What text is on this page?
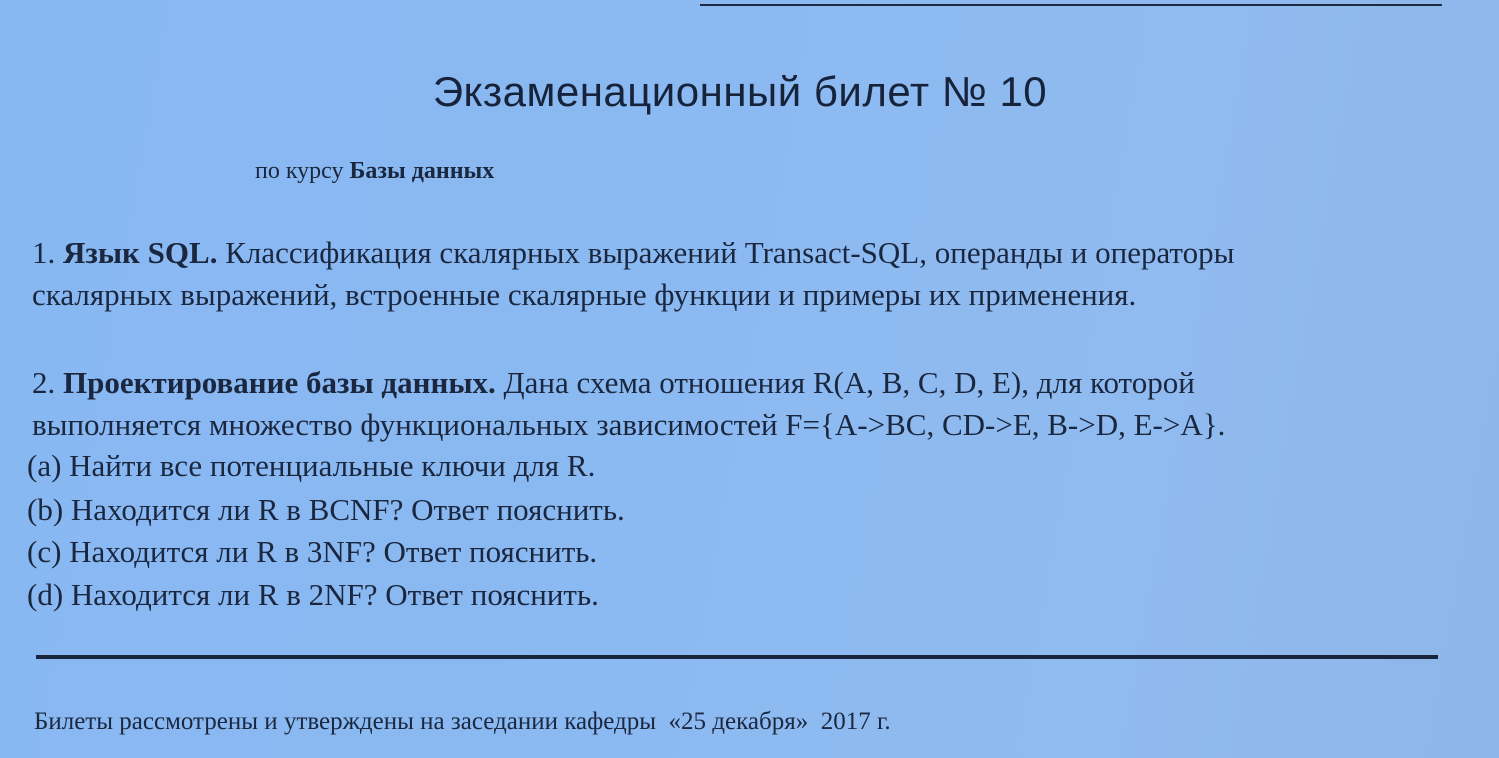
Экзаменационный билет № 10
по курсу Базы данных
1. Язык SQL. Классификация скалярных выражений Transact-SQL, операнды и операторы
скалярных выражений, встроенные скалярные функции и примеры их применения.
2. Проектирование базы данных. Дана схема отношения R(A, B, C, D, E), для которой
выполняется множество функциональных зависимостей F={A->BC, CD->E, B->D, E->A}.
(a) Найти все потенциальные ключи для R.
(b) Находится ли R в BCNF? Ответ пояснить.
(c) Находится ли R в 3NF? Ответ пояснить.
(d) Находится ли R в 2NF? Ответ пояснить.
Билеты рассмотрены и утверждены на заседании кафедры  «25 декабря»  2017 г.
